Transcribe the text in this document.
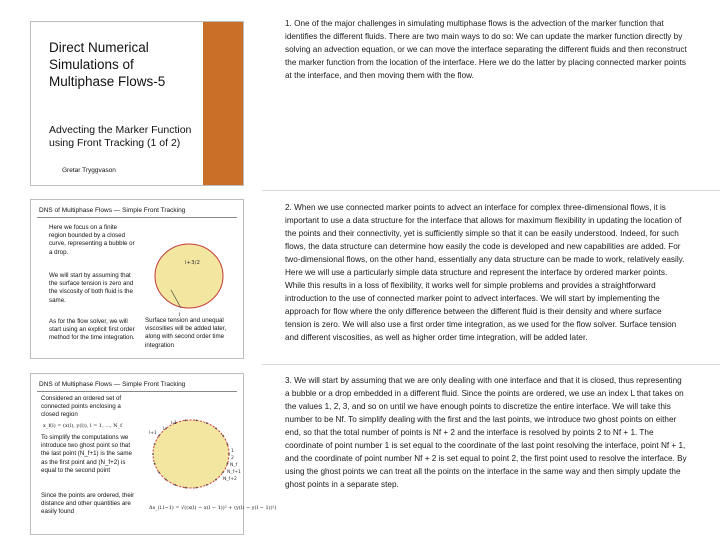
Direct Numerical Simulations of Multiphase Flows-5
Advecting the Marker Function using Front Tracking (1 of 2)
Gretar Tryggvason
DNS of Multiphase Flows — Simple Front Tracking
Here we focus on a finite region bounded by a closed curve, representing a bubble or a drop.
We will start by assuming that the surface tension is zero and the viscosity of both fluid is the same.
As for the flow solver, we will start using an explicit first order method for the time integration.
i+3/2
i
Surface tension and unequal viscosities will be added later, along with second order time integration
DNS of Multiphase Flows — Simple Front Tracking
Considered an ordered set of connected points enclosing a closed region
x_f(l) = (x(l), y(l)), l = 1, ..., N_f
To simplify the computations we introduce two ghost point so that the last point (N_f+1) is the same as the first point and (N_f+2) is equal to the second point
Since the points are ordered, their distance and other quantities are easily found
l-1
l
l+1
1
2
N_f
N_f+1
N_f+2
Δs_(l,l−1) = √((x(l) − x(l − 1))² + (y(l) − y(l − 1))²)

1. One of the major challenges in simulating multiphase flows is the advection of the marker function that identifies the different fluids. There are two main ways to do so: We can update the marker function directly by solving an advection equation, or we can move the interface separating the different fluids and then reconstruct the marker function from the location of the interface. Here we do the latter by placing connected marker points at the interface, and then moving them with the flow.

2. When we use connected marker points to advect an interface for complex three-dimensional flows, it is important to use a data structure for the interface that allows for maximum flexibility in updating the location of the points and their connectivity, yet is sufficiently simple so that it can be easily understood. Indeed, for such flows, the data structure can determine how easily the code is developed and new capabilities are added. For two-dimensional flows, on the other hand, essentially any data structure can be made to work, relatively easily. Here we will use a particularly simple data structure and represent the interface by ordered marker points. While this results in a loss of flexibility, it works well for simple problems and provides a straightforward introduction to the use of connected marker point to advect interfaces. We will start by implementing the approach for flow where the only difference between the different fluid is their density and where surface tension is zero. We will also use a first order time integration, as we used for the flow solver. Surface tension and different viscosities, as well as higher order time integration, will be added later.

3. We will start by assuming that we are only dealing with one interface and that it is closed, thus representing a bubble or a drop embedded in a different fluid. Since the points are ordered, we use an index L that takes on the values 1, 2, 3, and so on until we have enough points to discretize the entire interface. We will take this number to be Nf. To simplify dealing with the first and the last points, we introduce two ghost points on either end, so that the total number of points is Nf + 2 and the interface is resolved by points 2 to Nf + 1. The coordinate of point number 1 is set equal to the coordinate of the last point resolving the interface, point Nf + 1, and the coordinate of point number Nf + 2 is set equal to point 2, the first point used to resolve the interface. By using the ghost points we can treat all the points on the interface in the same way and then simply update the ghost points in a separate step.
